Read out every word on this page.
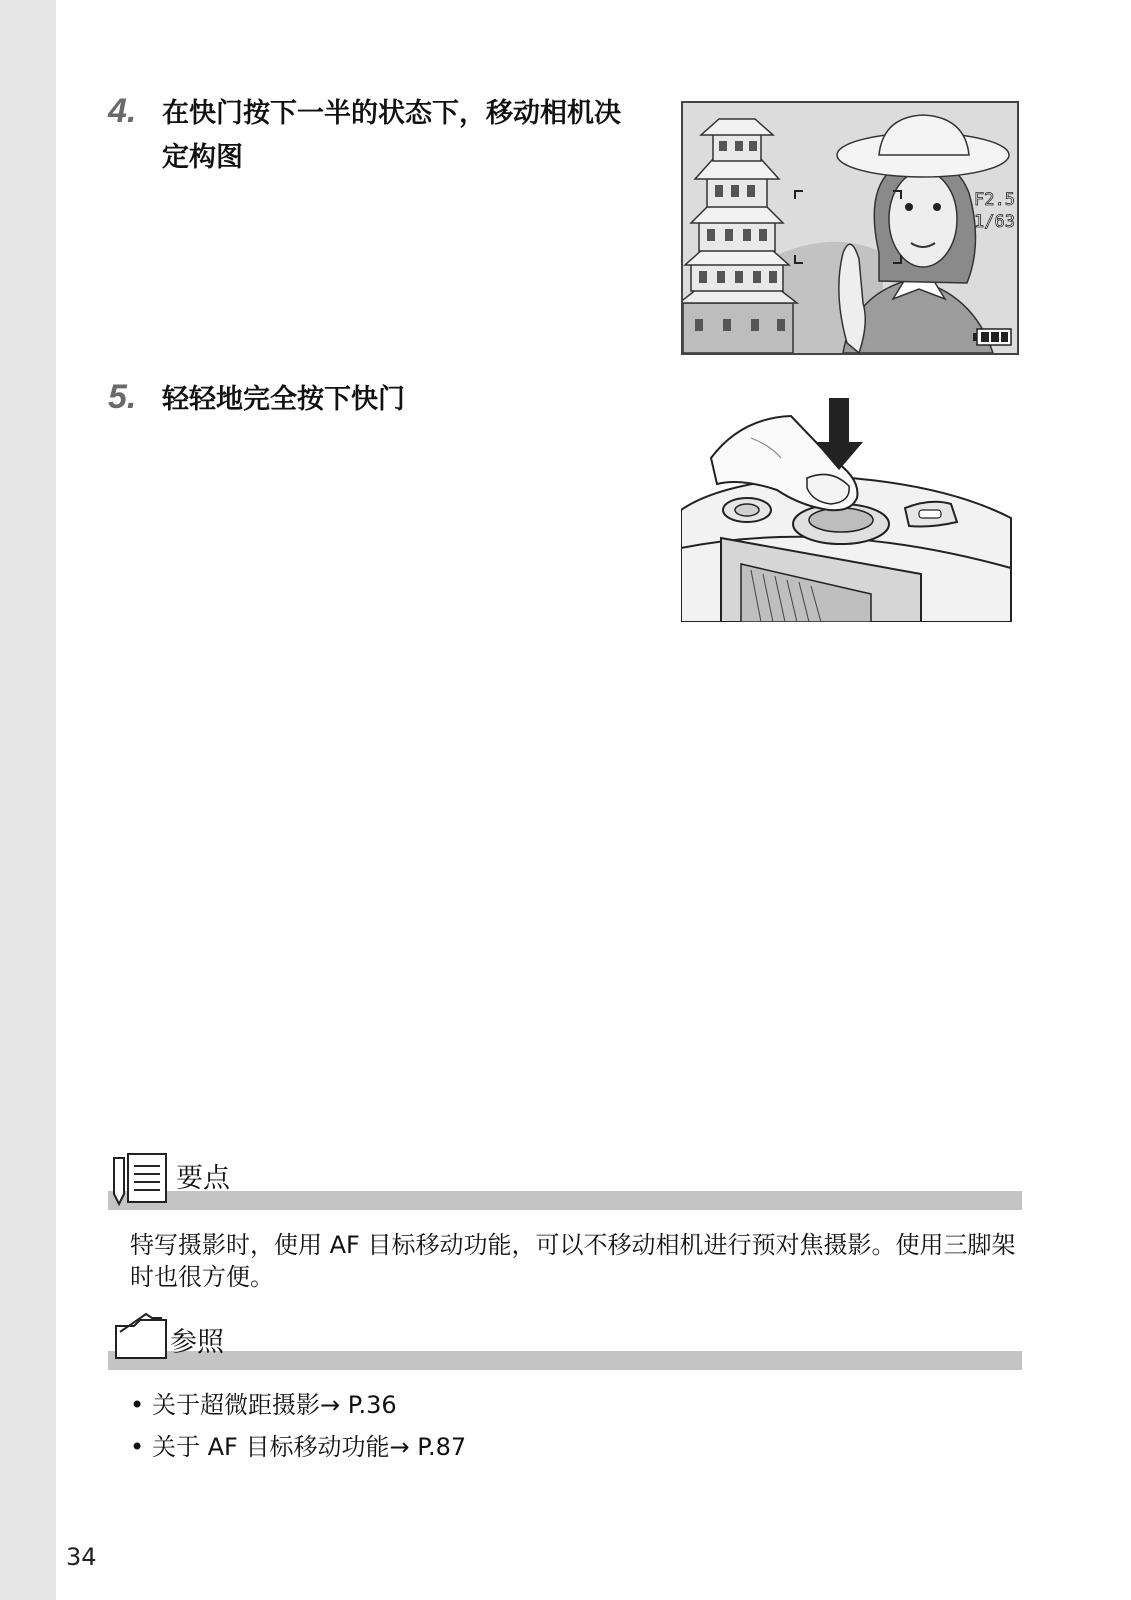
4. 在快门按下一半的状态下，移动相机决定构图
F2.5
1/63
5. 轻轻地完全按下快门
要点
特写摄影时，使用 AF 目标移动功能，可以不移动相机进行预对焦摄影。使用三脚架时也很方便。
参照
• 关于超微距摄影→ P.36
• 关于 AF 目标移动功能→ P.87
34
